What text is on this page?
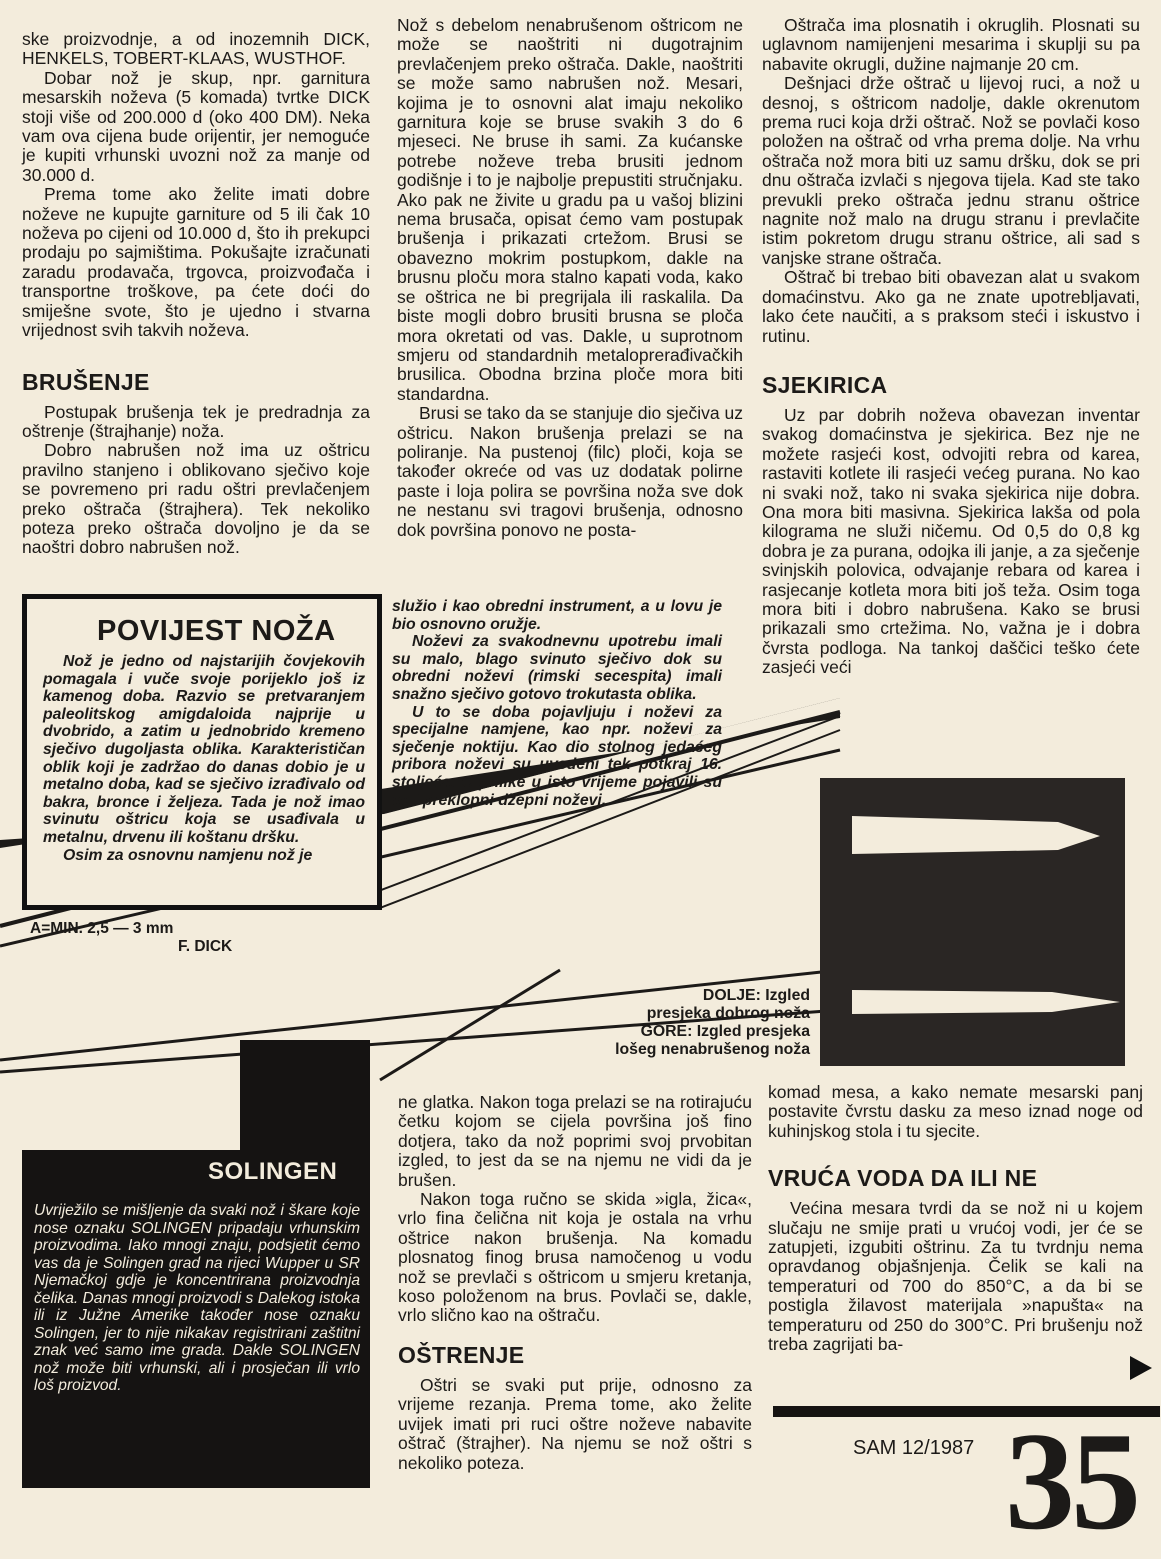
ske proizvodnje, a od inozemnih DICK, HENKELS, TOBERT-KLAAS, WUSTHOF.

Dobar nož je skup, npr. garnitura mesarskih noževa (5 komada) tvrtke DICK stoji više od 200.000 d (oko 400 DM). Neka vam ova cijena bude orijentir, jer nemoguće je kupiti vrhunski uvozni nož za manje od 30.000 d.

Prema tome ako želite imati dobre noževe ne kupujte garniture od 5 ili čak 10 noževa po cijeni od 10.000 d, što ih prekupci prodaju po sajmištima. Pokušajte izračunati zaradu prodavača, trgovca, proizvođača i transportne troškove, pa ćete doći do smiješne svote, što je ujedno i stvarna vrijednost svih takvih noževa.

BRUŠENJE

Postupak brušenja tek je predradnja za oštrenje (štrajhanje) noža.

Dobro nabrušen nož ima uz oštricu pravilno stanjeno i oblikovano sječivo koje se povremeno pri radu oštri prevlačenjem preko oštrača (štrajhera). Tek nekoliko poteza preko oštrača dovoljno je da se naoštri dobro nabrušen nož.

Nož s debelom nenabrušenom oštricom ne može se naoštriti ni dugotrajnim prevlačenjem preko oštrača. Dakle, naoštriti se može samo nabrušen nož. Mesari, kojima je to osnovni alat imaju nekoliko garnitura koje se bruse svakih 3 do 6 mjeseci. Ne bruse ih sami. Za kućanske potrebe noževe treba brusiti jednom godišnje i to je najbolje prepustiti stručnjaku. Ako pak ne živite u gradu pa u vašoj blizini nema brusača, opisat ćemo vam postupak brušenja i prikazati crtežom. Brusi se obavezno mokrim postupkom, dakle na brusnu ploču mora stalno kapati voda, kako se oštrica ne bi pregrijala ili raskalila. Da biste mogli dobro brusiti brusna se ploča mora okretati od vas. Dakle, u suprotnom smjeru od standardnih metaloprerađivačkih brusilica. Obodna brzina ploče mora biti standardna.

Brusi se tako da se stanjuje dio sječiva uz oštricu. Nakon brušenja prelazi se na poliranje. Na pustenoj (filc) ploči, koja se također okreće od vas uz dodatak polirne paste i loja polira se površina noža sve dok ne nestanu svi tragovi brušenja, odnosno dok površina ponovo ne posta-

Oštrača ima plosnatih i okruglih. Plosnati su uglavnom namijenjeni mesarima i skuplji su pa nabavite okrugli, dužine najmanje 20 cm.

Dešnjaci drže oštrač u lijevoj ruci, a nož u desnoj, s oštricom nadolje, dakle okrenutom prema ruci koja drži oštrač. Nož se povlači koso položen na oštrač od vrha prema dolje. Na vrhu oštrača nož mora biti uz samu dršku, dok se pri dnu oštrača izvlači s njegova tijela. Kad ste tako prevukli preko oštrača jednu stranu oštrice nagnite nož malo na drugu stranu i prevlačite istim pokretom drugu stranu oštrice, ali sad s vanjske strane oštrača.

Oštrač bi trebao biti obavezan alat u svakom domaćinstvu. Ako ga ne znate upotrebljavati, lako ćete naučiti, a s praksom steći i iskustvo i rutinu.

SJEKIRICA

Uz par dobrih noževa obavezan inventar svakog domaćinstva je sjekirica. Bez nje ne možete rasjeći kost, odvojiti rebra od karea, rastaviti kotlete ili rasjeći većeg purana. No kao ni svaki nož, tako ni svaka sjekirica nije dobra. Ona mora biti masivna. Sjekirica lakša od pola kilograma ne služi ničemu. Od 0,5 do 0,8 kg dobra je za purana, odojka ili janje, a za sječenje svinjskih polovica, odvajanje rebara od karea i rasjecanje kotleta mora biti još teža. Osim toga mora biti i dobro nabrušena. Kako se brusi prikazali smo crtežima. No, važna je i dobra čvrsta podloga. Na tankoj daščici teško ćete zasjeći veći

POVIJEST NOŽA

Nož je jedno od najstarijih čovjekovih pomagala i vuče svoje porijeklo još iz kamenog doba. Razvio se pretvaranjem paleolitskog amigdaloida najprije u dvobrido, a zatim u jednobrido kremeno sječivo dugoljasta oblika. Karakterističan oblik koji je zadržao do danas dobio je u metalno doba, kad se sječivo izrađivalo od bakra, bronce i željeza. Tada je nož imao svinutu oštricu koja se usađivala u metalnu, drvenu ili koštanu dršku.

Osim za osnovnu namjenu nož je

služio i kao obredni instrument, a u lovu je bio osnovno oružje.

Noževi za svakodnevnu upotrebu imali su malo, blago svinuto sječivo dok su obredni noževi (rimski secespita) imali snažno sječivo gotovo trokutasta oblika.

U to se doba pojavljuju i noževi za specijalne namjene, kao npr. noževi za sječenje noktiju. Kao dio stolnog jedaćeg pribora noževi su uvedeni tek potkraj 16. stoljeća. Otprilike u isto vrijeme pojavili su se i preklopni džepni noževi.

A=MIN. 2,5 — 3 mm
F. DICK
DOLJE: Izgled
presjeka dobrog noža
GORE: Izgled presjeka
lošeg nenabrušenog noža

Uvriježilo se mišljenje da svaki nož i škare koje nose oznaku SOLINGEN pripadaju vrhunskim proizvodima. Iako mnogi znaju, podsjetit ćemo vas da je Solingen grad na rijeci Wupper u SR Njemačkoj gdje je koncentrirana proizvodnja čelika. Danas mnogi proizvodi s Dalekog istoka ili iz Južne Amerike također nose oznaku Solingen, jer to nije nikakav registrirani zaštitni znak već samo ime grada. Dakle SOLINGEN nož može biti vrhunski, ali i prosječan ili vrlo loš proizvod.

SOLINGEN

ne glatka. Nakon toga prelazi se na rotirajuću četku kojom se cijela površina još fino dotjera, tako da nož poprimi svoj prvobitan izgled, to jest da se na njemu ne vidi da je brušen.

Nakon toga ručno se skida »igla, žica«, vrlo fina čelična nit koja je ostala na vrhu oštrice nakon brušenja. Na komadu plosnatog finog brusa namočenog u vodu nož se prevlači s oštricom u smjeru kretanja, koso položenom na brus. Povlači se, dakle, vrlo slično kao na oštraču.

OŠTRENJE

Oštri se svaki put prije, odnosno za vrijeme rezanja. Prema tome, ako želite uvijek imati pri ruci oštre noževe nabavite oštrač (štrajher). Na njemu se nož oštri s nekoliko poteza.

komad mesa, a kako nemate mesarski panj postavite čvrstu dasku za meso iznad noge od kuhinjskog stola i tu sjecite.

VRUĆA VODA DA ILI NE

Većina mesara tvrdi da se nož ni u kojem slučaju ne smije prati u vrućoj vodi, jer će se zatupjeti, izgubiti oštrinu. Za tu tvrdnju nema opravdanog objašnjenja. Čelik se kali na temperaturi od 700 do 850°C, a da bi se postigla žilavost materijala »napušta« na temperaturu od 250 do 300°C. Pri brušenju nož treba zagrijati ba-

SAM 12/1987 35
